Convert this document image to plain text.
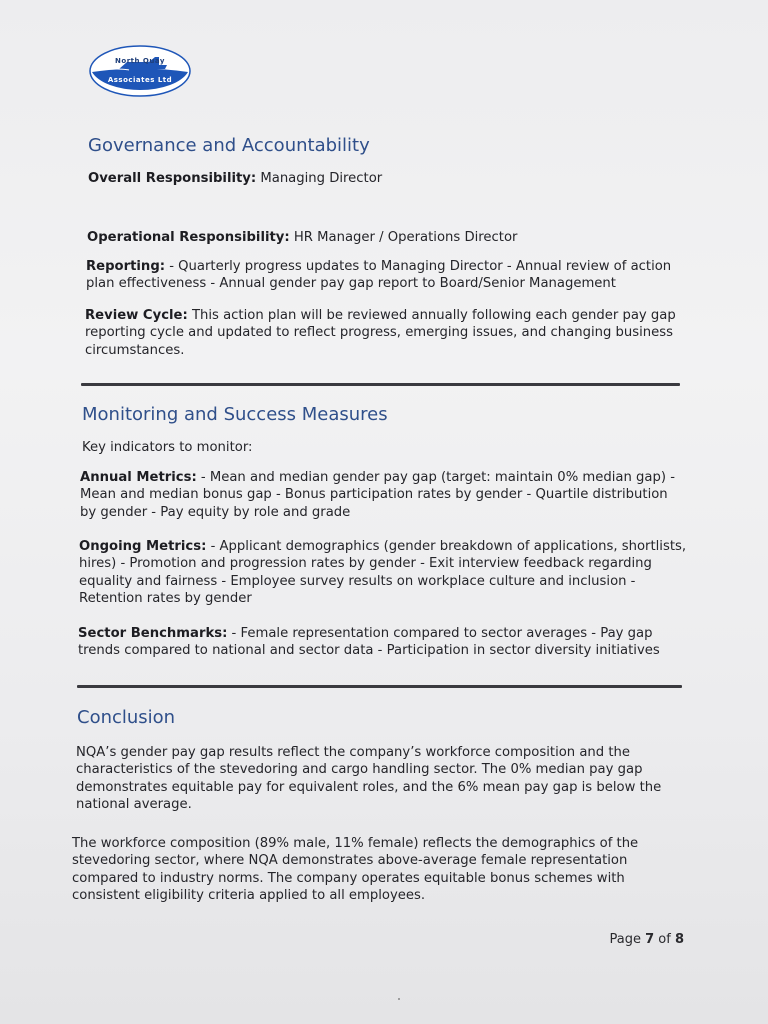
North Quay
Associates Ltd
Governance and Accountability

Overall Responsibility: Managing Director

Operational Responsibility: HR Manager / Operations Director

Reporting: - Quarterly progress updates to Managing Director - Annual review of action
plan effectiveness - Annual gender pay gap report to Board/Senior Management

Review Cycle: This action plan will be reviewed annually following each gender pay gap
reporting cycle and updated to reflect progress, emerging issues, and changing business
circumstances.

Monitoring and Success Measures

Key indicators to monitor:

Annual Metrics: - Mean and median gender pay gap (target: maintain 0% median gap) -
Mean and median bonus gap - Bonus participation rates by gender - Quartile distribution
by gender - Pay equity by role and grade

Ongoing Metrics: - Applicant demographics (gender breakdown of applications, shortlists,
hires) - Promotion and progression rates by gender - Exit interview feedback regarding
equality and fairness - Employee survey results on workplace culture and inclusion -
Retention rates by gender

Sector Benchmarks: - Female representation compared to sector averages - Pay gap
trends compared to national and sector data - Participation in sector diversity initiatives

Conclusion

NQA’s gender pay gap results reflect the company’s workforce composition and the
characteristics of the stevedoring and cargo handling sector. The 0% median pay gap
demonstrates equitable pay for equivalent roles, and the 6% mean pay gap is below the
national average.

The workforce composition (89% male, 11% female) reflects the demographics of the
stevedoring sector, where NQA demonstrates above-average female representation
compared to industry norms. The company operates equitable bonus schemes with
consistent eligibility criteria applied to all employees.

Page 7 of 8
